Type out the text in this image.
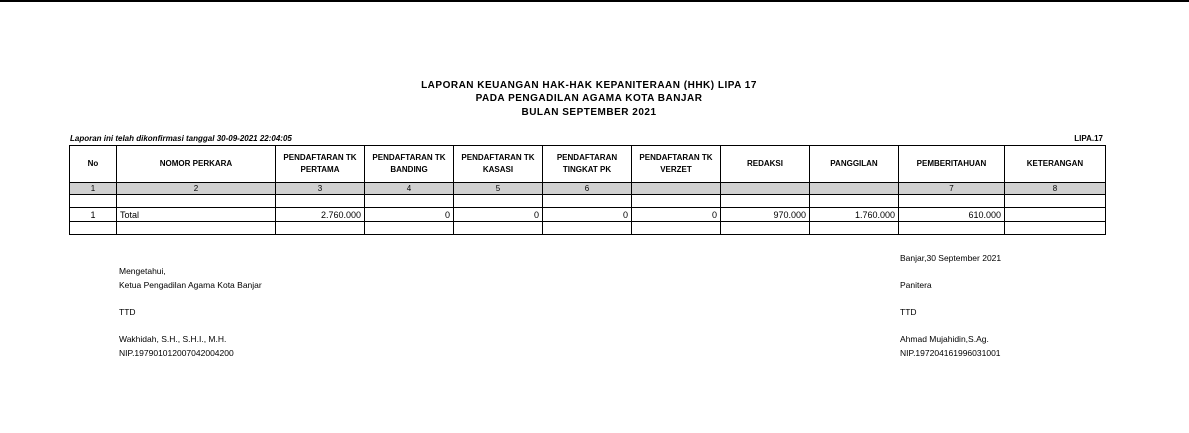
LAPORAN KEUANGAN HAK-HAK KEPANITERAAN (HHK) LIPA 17
PADA PENGADILAN AGAMA KOTA BANJAR
BULAN SEPTEMBER 2021
Laporan ini telah dikonfirmasi tanggal 30-09-2021 22:04:05	LIPA.17
No	NOMOR PERKARA	PENDAFTARAN TK PERTAMA	PENDAFTARAN TK BANDING	PENDAFTARAN TK KASASI	PENDAFTARAN TINGKAT PK	PENDAFTARAN TK VERZET	REDAKSI	PANGGILAN	PEMBERITAHUAN	KETERANGAN
1	2	3	4	5	6				7	8

1	Total	2.760.000	0	0	0	0	970.000	1.760.000	610.000	

Mengetahui,
Ketua Pengadilan Agama Kota Banjar
TTD
Wakhidah, S.H., S.H.I., M.H.
NIP.197901012007042004200
Banjar,30 September 2021
Panitera
TTD
Ahmad Mujahidin,S.Ag.
NIP.197204161996031001
